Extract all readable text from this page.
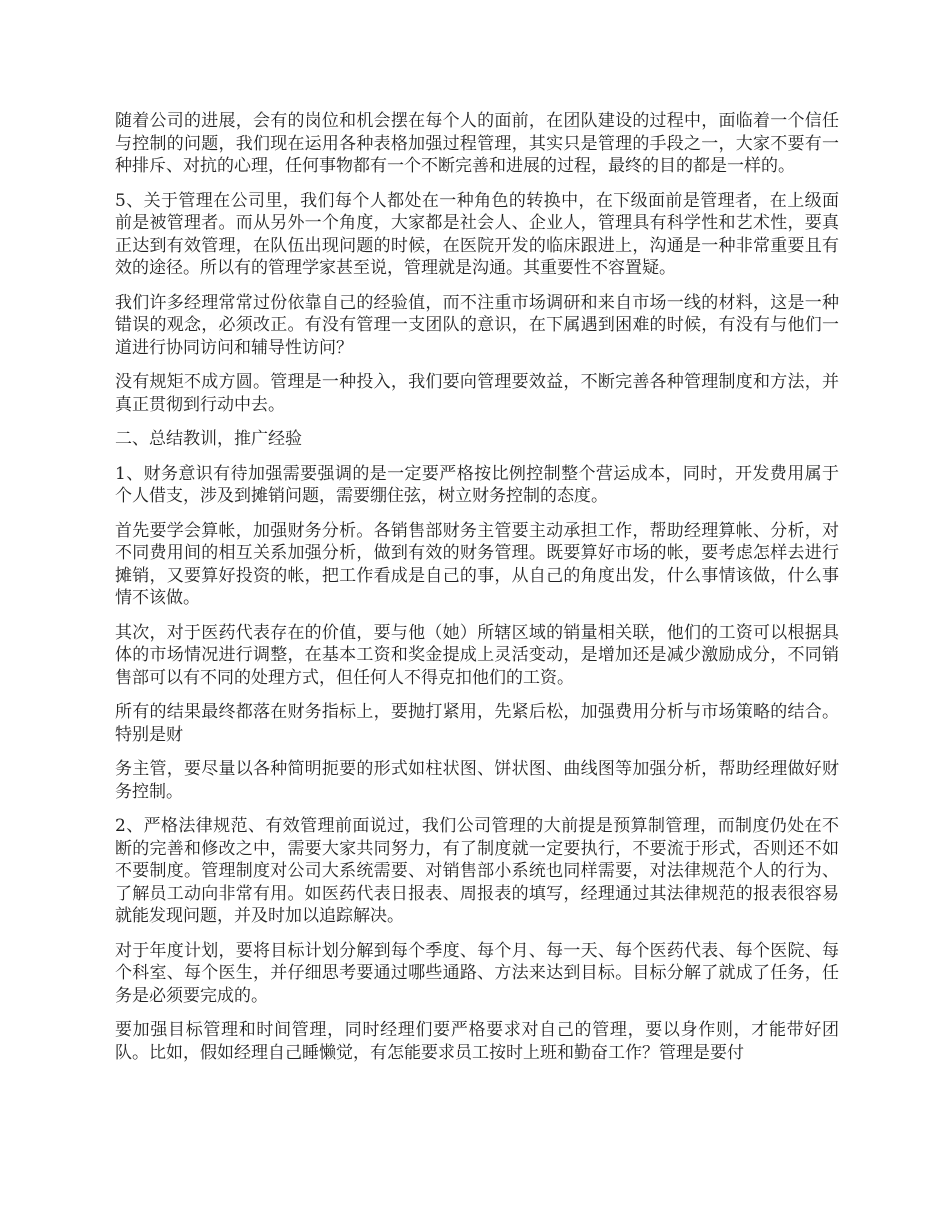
随着公司的进展，会有的岗位和机会摆在每个人的面前，在团队建设的过程中，面临着一个信任与控制的问题，我们现在运用各种表格加强过程管理，其实只是管理的手段之一，大家不要有一种排斥、对抗的心理，任何事物都有一个不断完善和进展的过程，最终的目的都是一样的。

5、关于管理在公司里，我们每个人都处在一种角色的转换中，在下级面前是管理者，在上级面前是被管理者。而从另外一个角度，大家都是社会人、企业人，管理具有科学性和艺术性，要真正达到有效管理，在队伍出现问题的时候，在医院开发的临床跟进上，沟通是一种非常重要且有效的途径。所以有的管理学家甚至说，管理就是沟通。其重要性不容置疑。

我们许多经理常常过份依靠自己的经验值，而不注重市场调研和来自市场一线的材料，这是一种错误的观念，必须改正。有没有管理一支团队的意识，在下属遇到困难的时候，有没有与他们一道进行协同访问和辅导性访问？

没有规矩不成方圆。管理是一种投入，我们要向管理要效益，不断完善各种管理制度和方法，并真正贯彻到行动中去。

二、总结教训，推广经验

1、财务意识有待加强需要强调的是一定要严格按比例控制整个营运成本，同时，开发费用属于个人借支，涉及到摊销问题，需要绷住弦，树立财务控制的态度。

首先要学会算帐，加强财务分析。各销售部财务主管要主动承担工作，帮助经理算帐、分析，对不同费用间的相互关系加强分析，做到有效的财务管理。既要算好市场的帐，要考虑怎样去进行摊销，又要算好投资的帐，把工作看成是自己的事，从自己的角度出发，什么事情该做，什么事情不该做。

其次，对于医药代表存在的价值，要与他（她）所辖区域的销量相关联，他们的工资可以根据具体的市场情况进行调整，在基本工资和奖金提成上灵活变动，是增加还是减少激励成分，不同销售部可以有不同的处理方式，但任何人不得克扣他们的工资。

所有的结果最终都落在财务指标上，要抛打紧用，先紧后松，加强费用分析与市场策略的结合。特别是财

务主管，要尽量以各种简明扼要的形式如柱状图、饼状图、曲线图等加强分析，帮助经理做好财务控制。

2、严格法律规范、有效管理前面说过，我们公司管理的大前提是预算制管理，而制度仍处在不断的完善和修改之中，需要大家共同努力，有了制度就一定要执行，不要流于形式，否则还不如不要制度。管理制度对公司大系统需要、对销售部小系统也同样需要，对法律规范个人的行为、了解员工动向非常有用。如医药代表日报表、周报表的填写，经理通过其法律规范的报表很容易就能发现问题，并及时加以追踪解决。

对于年度计划，要将目标计划分解到每个季度、每个月、每一天、每个医药代表、每个医院、每个科室、每个医生，并仔细思考要通过哪些通路、方法来达到目标。目标分解了就成了任务，任务是必须要完成的。

要加强目标管理和时间管理，同时经理们要严格要求对自己的管理，要以身作则，才能带好团队。比如，假如经理自己睡懒觉，有怎能要求员工按时上班和勤奋工作？管理是要付
